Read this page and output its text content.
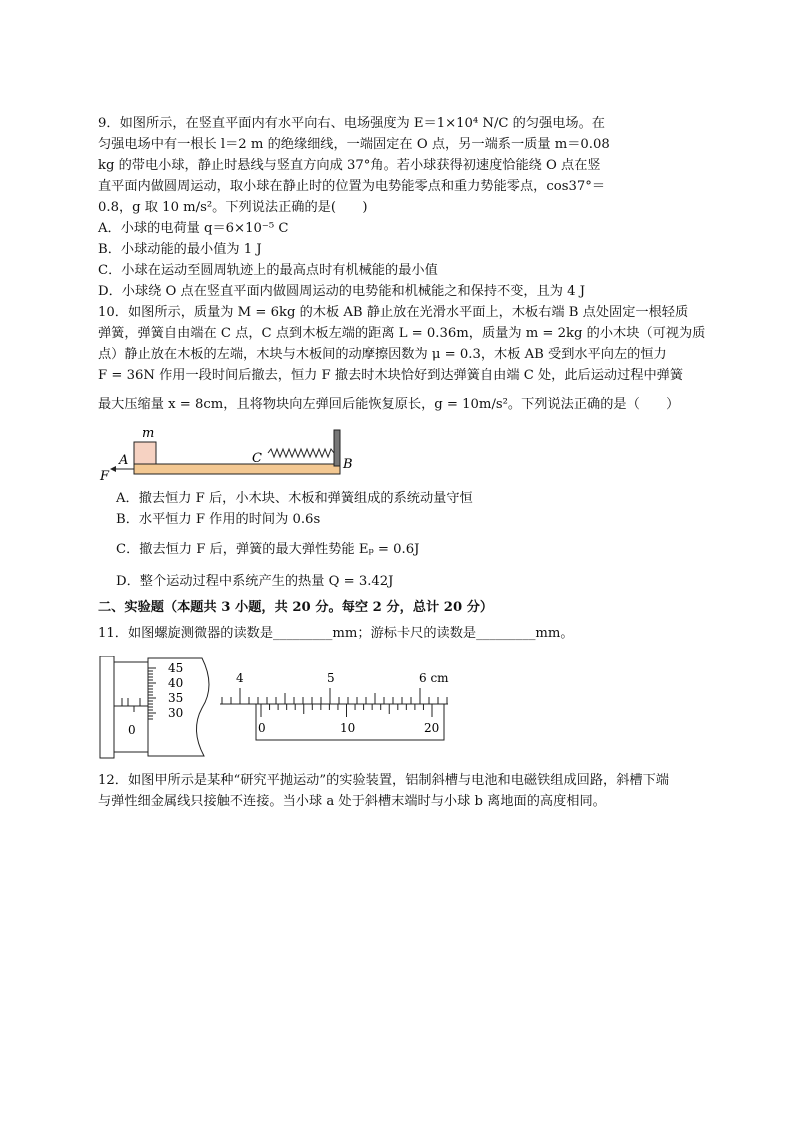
9．如图所示，在竖直平面内有水平向右、电场强度为 E＝1×10⁴ N/C 的匀强电场。在
匀强电场中有一根长 l＝2 m 的绝缘细线，一端固定在 O 点，另一端系一质量 m＝0.08
kg 的带电小球，静止时悬线与竖直方向成 37°角。若小球获得初速度恰能绕 O 点在竖
直平面内做圆周运动，取小球在静止时的位置为电势能零点和重力势能零点，cos37°＝
0.8，g 取 10 m/s²。下列说法正确的是(　　)
A．小球的电荷量 q＝6×10⁻⁵ C
B．小球动能的最小值为 1 J
C．小球在运动至圆周轨迹上的最高点时有机械能的最小值
D．小球绕 O 点在竖直平面内做圆周运动的电势能和机械能之和保持不变，且为 4 J
10．如图所示，质量为 M = 6kg 的木板 AB 静止放在光滑水平面上，木板右端 B 点处固定一根轻质
弹簧，弹簧自由端在 C 点，C 点到木板左端的距离 L = 0.36m，质量为 m = 2kg 的小木块（可视为质
点）静止放在木板的左端，木块与木板间的动摩擦因数为 μ = 0.3，木板 AB 受到水平向左的恒力
F = 36N 作用一段时间后撤去，恒力 F 撤去时木块恰好到达弹簧自由端 C 处，此后运动过程中弹簧
最大压缩量 x = 8cm，且将物块向左弹回后能恢复原长，g = 10m/s²。下列说法正确的是（　　）
m
C	B
A
F
A．撤去恒力 F 后，小木块、木板和弹簧组成的系统动量守恒
B．水平恒力 F 作用的时间为 0.6s
C．撤去恒力 F 后，弹簧的最大弹性势能 Eₚ = 0.6J
D．整个运动过程中系统产生的热量 Q = 3.42J
二、实验题（本题共 3 小题，共 20 分。每空 2 分，总计 20 分）
11．如图螺旋测微器的读数是_________mm；游标卡尺的读数是_________mm。
0
45
40
35
30
4	5	6 cm
0	10	20
12．如图甲所示是某种“研究平抛运动”的实验装置，铝制斜槽与电池和电磁铁组成回路，斜槽下端
与弹性细金属线只接触不连接。当小球 a 处于斜槽末端时与小球 b 离地面的高度相同。
